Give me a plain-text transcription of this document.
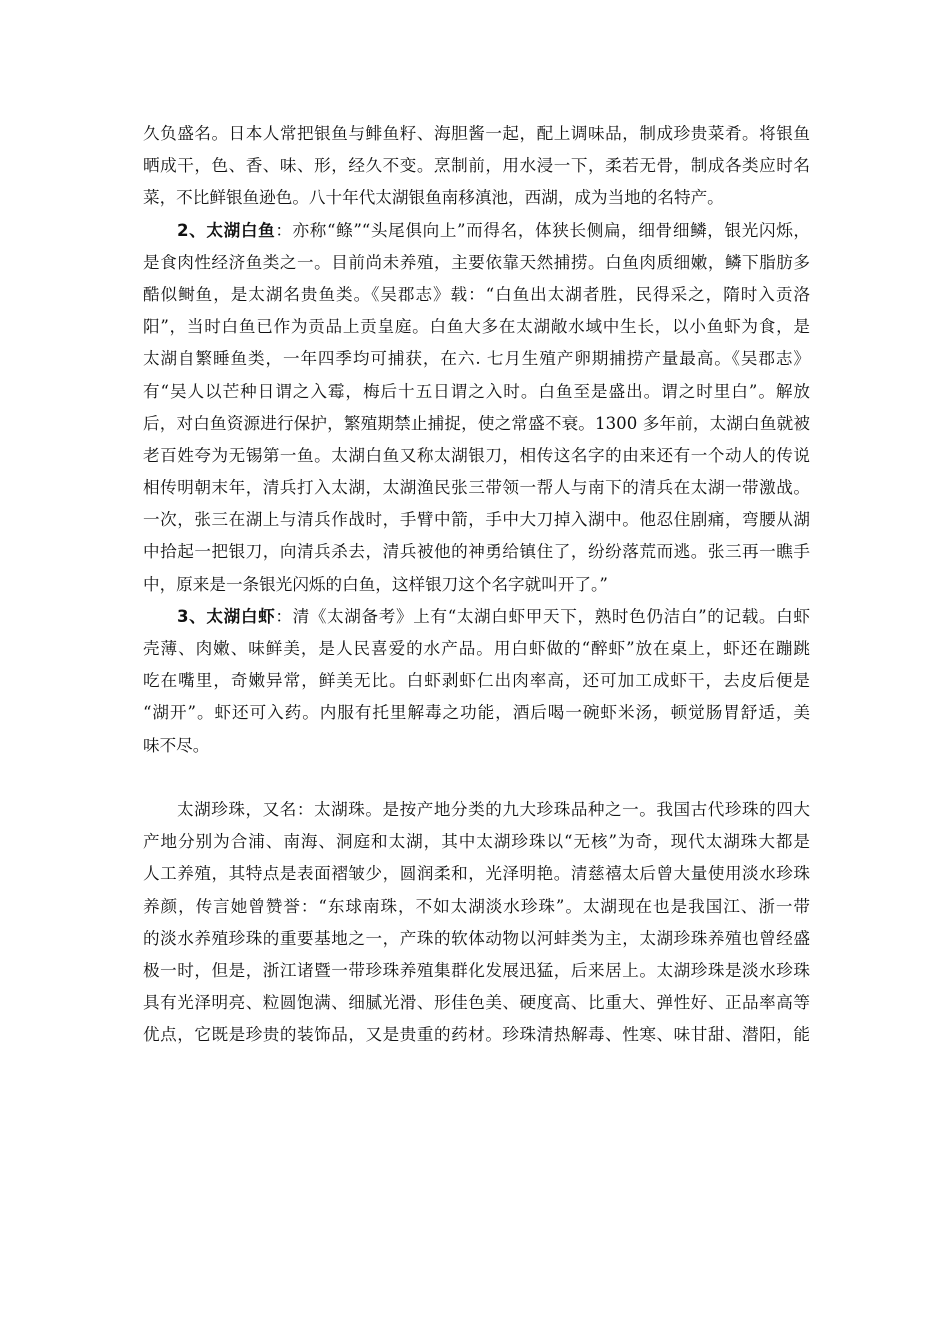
久负盛名。日本人常把银鱼与鲱鱼籽、海胆酱一起，配上调味品，制成珍贵菜肴。将银鱼
晒成干，色、香、味、形，经久不变。烹制前，用水浸一下，柔若无骨，制成各类应时名
菜，不比鲜银鱼逊色。八十年代太湖银鱼南移滇池，西湖，成为当地的名特产。
2、太湖白鱼：亦称“鲦”“头尾俱向上”而得名，体狭长侧扁，细骨细鳞，银光闪烁，
是食肉性经济鱼类之一。目前尚未养殖，主要依靠天然捕捞。白鱼肉质细嫩，鳞下脂肪多
酷似鲥鱼，是太湖名贵鱼类。《吴郡志》载：“白鱼出太湖者胜，民得采之，隋时入贡洛
阳”，当时白鱼已作为贡品上贡皇庭。白鱼大多在太湖敞水域中生长，以小鱼虾为食，是
太湖自繁睡鱼类，一年四季均可捕获，在六. 七月生殖产卵期捕捞产量最高。《吴郡志》
有“吴人以芒种日谓之入霉，梅后十五日谓之入时。白鱼至是盛出。谓之时里白”。解放
后，对白鱼资源进行保护，繁殖期禁止捕捉，使之常盛不衰。1300 多年前，太湖白鱼就被
老百姓夸为无锡第一鱼。太湖白鱼又称太湖银刀，相传这名字的由来还有一个动人的传说
相传明朝末年，清兵打入太湖，太湖渔民张三带领一帮人与南下的清兵在太湖一带激战。
一次，张三在湖上与清兵作战时，手臂中箭，手中大刀掉入湖中。他忍住剧痛，弯腰从湖
中拾起一把银刀，向清兵杀去，清兵被他的神勇给镇住了，纷纷落荒而逃。张三再一瞧手
中，原来是一条银光闪烁的白鱼，这样银刀这个名字就叫开了。”
3、太湖白虾：清《太湖备考》上有“太湖白虾甲天下，熟时色仍洁白”的记载。白虾
壳薄、肉嫩、味鲜美，是人民喜爱的水产品。用白虾做的“醉虾”放在桌上，虾还在蹦跳
吃在嘴里，奇嫩异常，鲜美无比。白虾剥虾仁出肉率高，还可加工成虾干，去皮后便是
“湖开”。虾还可入药。内服有托里解毒之功能，酒后喝一碗虾米汤，顿觉肠胃舒适，美
味不尽。
太湖珍珠，又名：太湖珠。是按产地分类的九大珍珠品种之一。我国古代珍珠的四大
产地分别为合浦、南海、洞庭和太湖，其中太湖珍珠以“无核”为奇，现代太湖珠大都是
人工养殖，其特点是表面褶皱少，圆润柔和，光泽明艳。清慈禧太后曾大量使用淡水珍珠
养颜，传言她曾赞誉：“东球南珠，不如太湖淡水珍珠”。太湖现在也是我国江、浙一带
的淡水养殖珍珠的重要基地之一，产珠的软体动物以河蚌类为主，太湖珍珠养殖也曾经盛
极一时，但是，浙江诸暨一带珍珠养殖集群化发展迅猛，后来居上。太湖珍珠是淡水珍珠
具有光泽明亮、粒圆饱满、细腻光滑、形佳色美、硬度高、比重大、弹性好、正品率高等
优点，它既是珍贵的装饰品，又是贵重的药材。珍珠清热解毒、性寒、味甘甜、潜阳，能
